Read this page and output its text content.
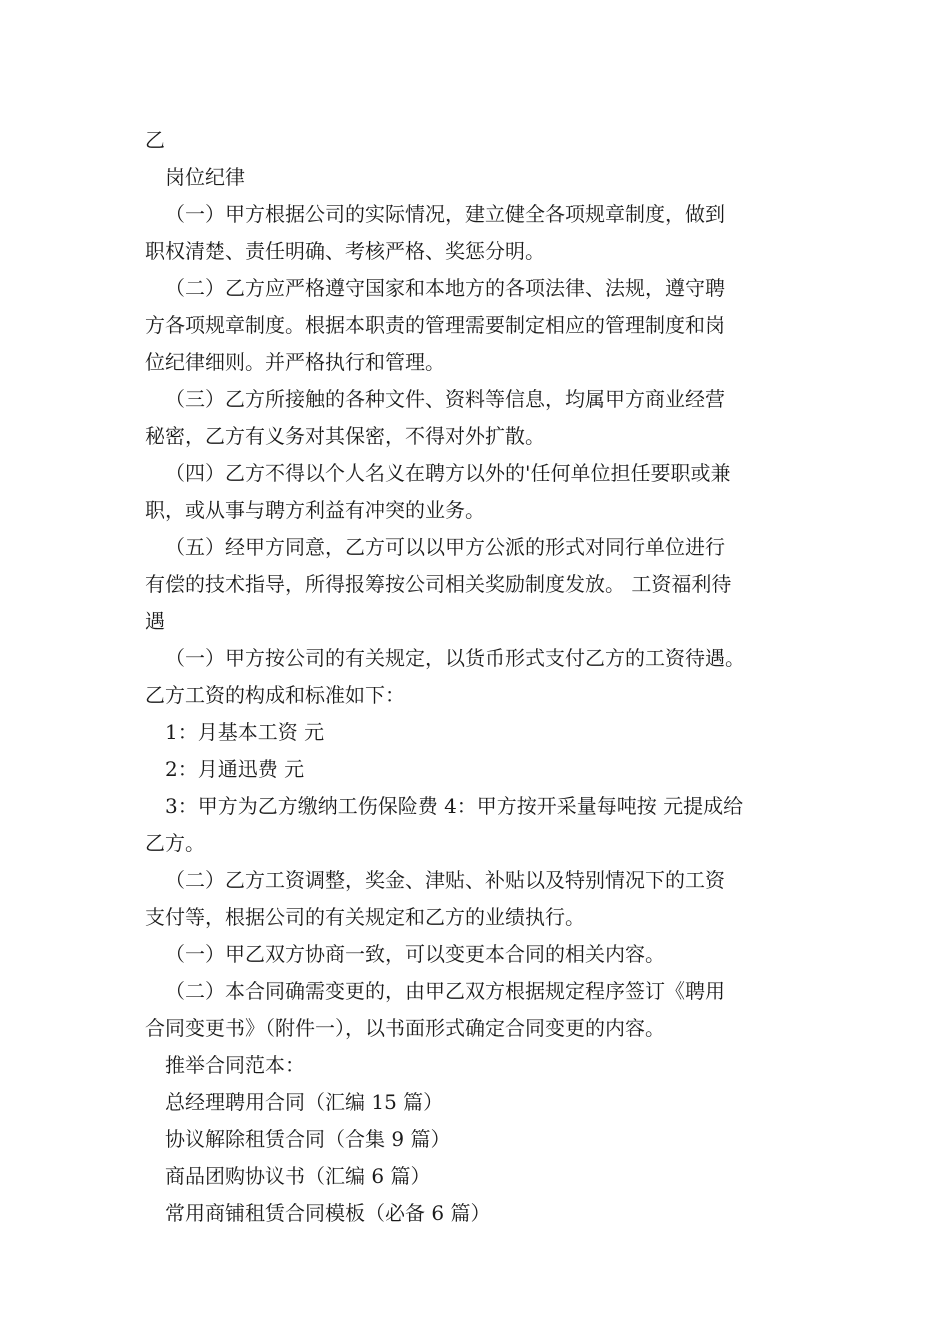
乙
岗位纪律
（一）甲方根据公司的实际情况，建立健全各项规章制度，做到
职权清楚、责任明确、考核严格、奖惩分明。
（二）乙方应严格遵守国家和本地方的各项法律、法规，遵守聘
方各项规章制度。根据本职责的管理需要制定相应的管理制度和岗
位纪律细则。并严格执行和管理。
（三）乙方所接触的各种文件、资料等信息，均属甲方商业经营
秘密，乙方有义务对其保密，不得对外扩散。
（四）乙方不得以个人名义在聘方以外的'任何单位担任要职或兼
职，或从事与聘方利益有冲突的业务。
（五）经甲方同意，乙方可以以甲方公派的形式对同行单位进行
有偿的技术指导，所得报筹按公司相关奖励制度发放。 工资福利待
遇
（一）甲方按公司的有关规定，以货币形式支付乙方的工资待遇。
乙方工资的构成和标准如下：
1：月基本工资 元
2：月通迅费 元
3：甲方为乙方缴纳工伤保险费 4：甲方按开采量每吨按 元提成给
乙方。
（二）乙方工资调整，奖金、津贴、补贴以及特别情况下的工资
支付等，根据公司的有关规定和乙方的业绩执行。
（一）甲乙双方协商一致，可以变更本合同的相关内容。
（二）本合同确需变更的，由甲乙双方根据规定程序签订《聘用
合同变更书》（附件一），以书面形式确定合同变更的内容。
推举合同范本：
总经理聘用合同（汇编 15 篇）
协议解除租赁合同（合集 9 篇）
商品团购协议书（汇编 6 篇）
常用商铺租赁合同模板（必备 6 篇）
